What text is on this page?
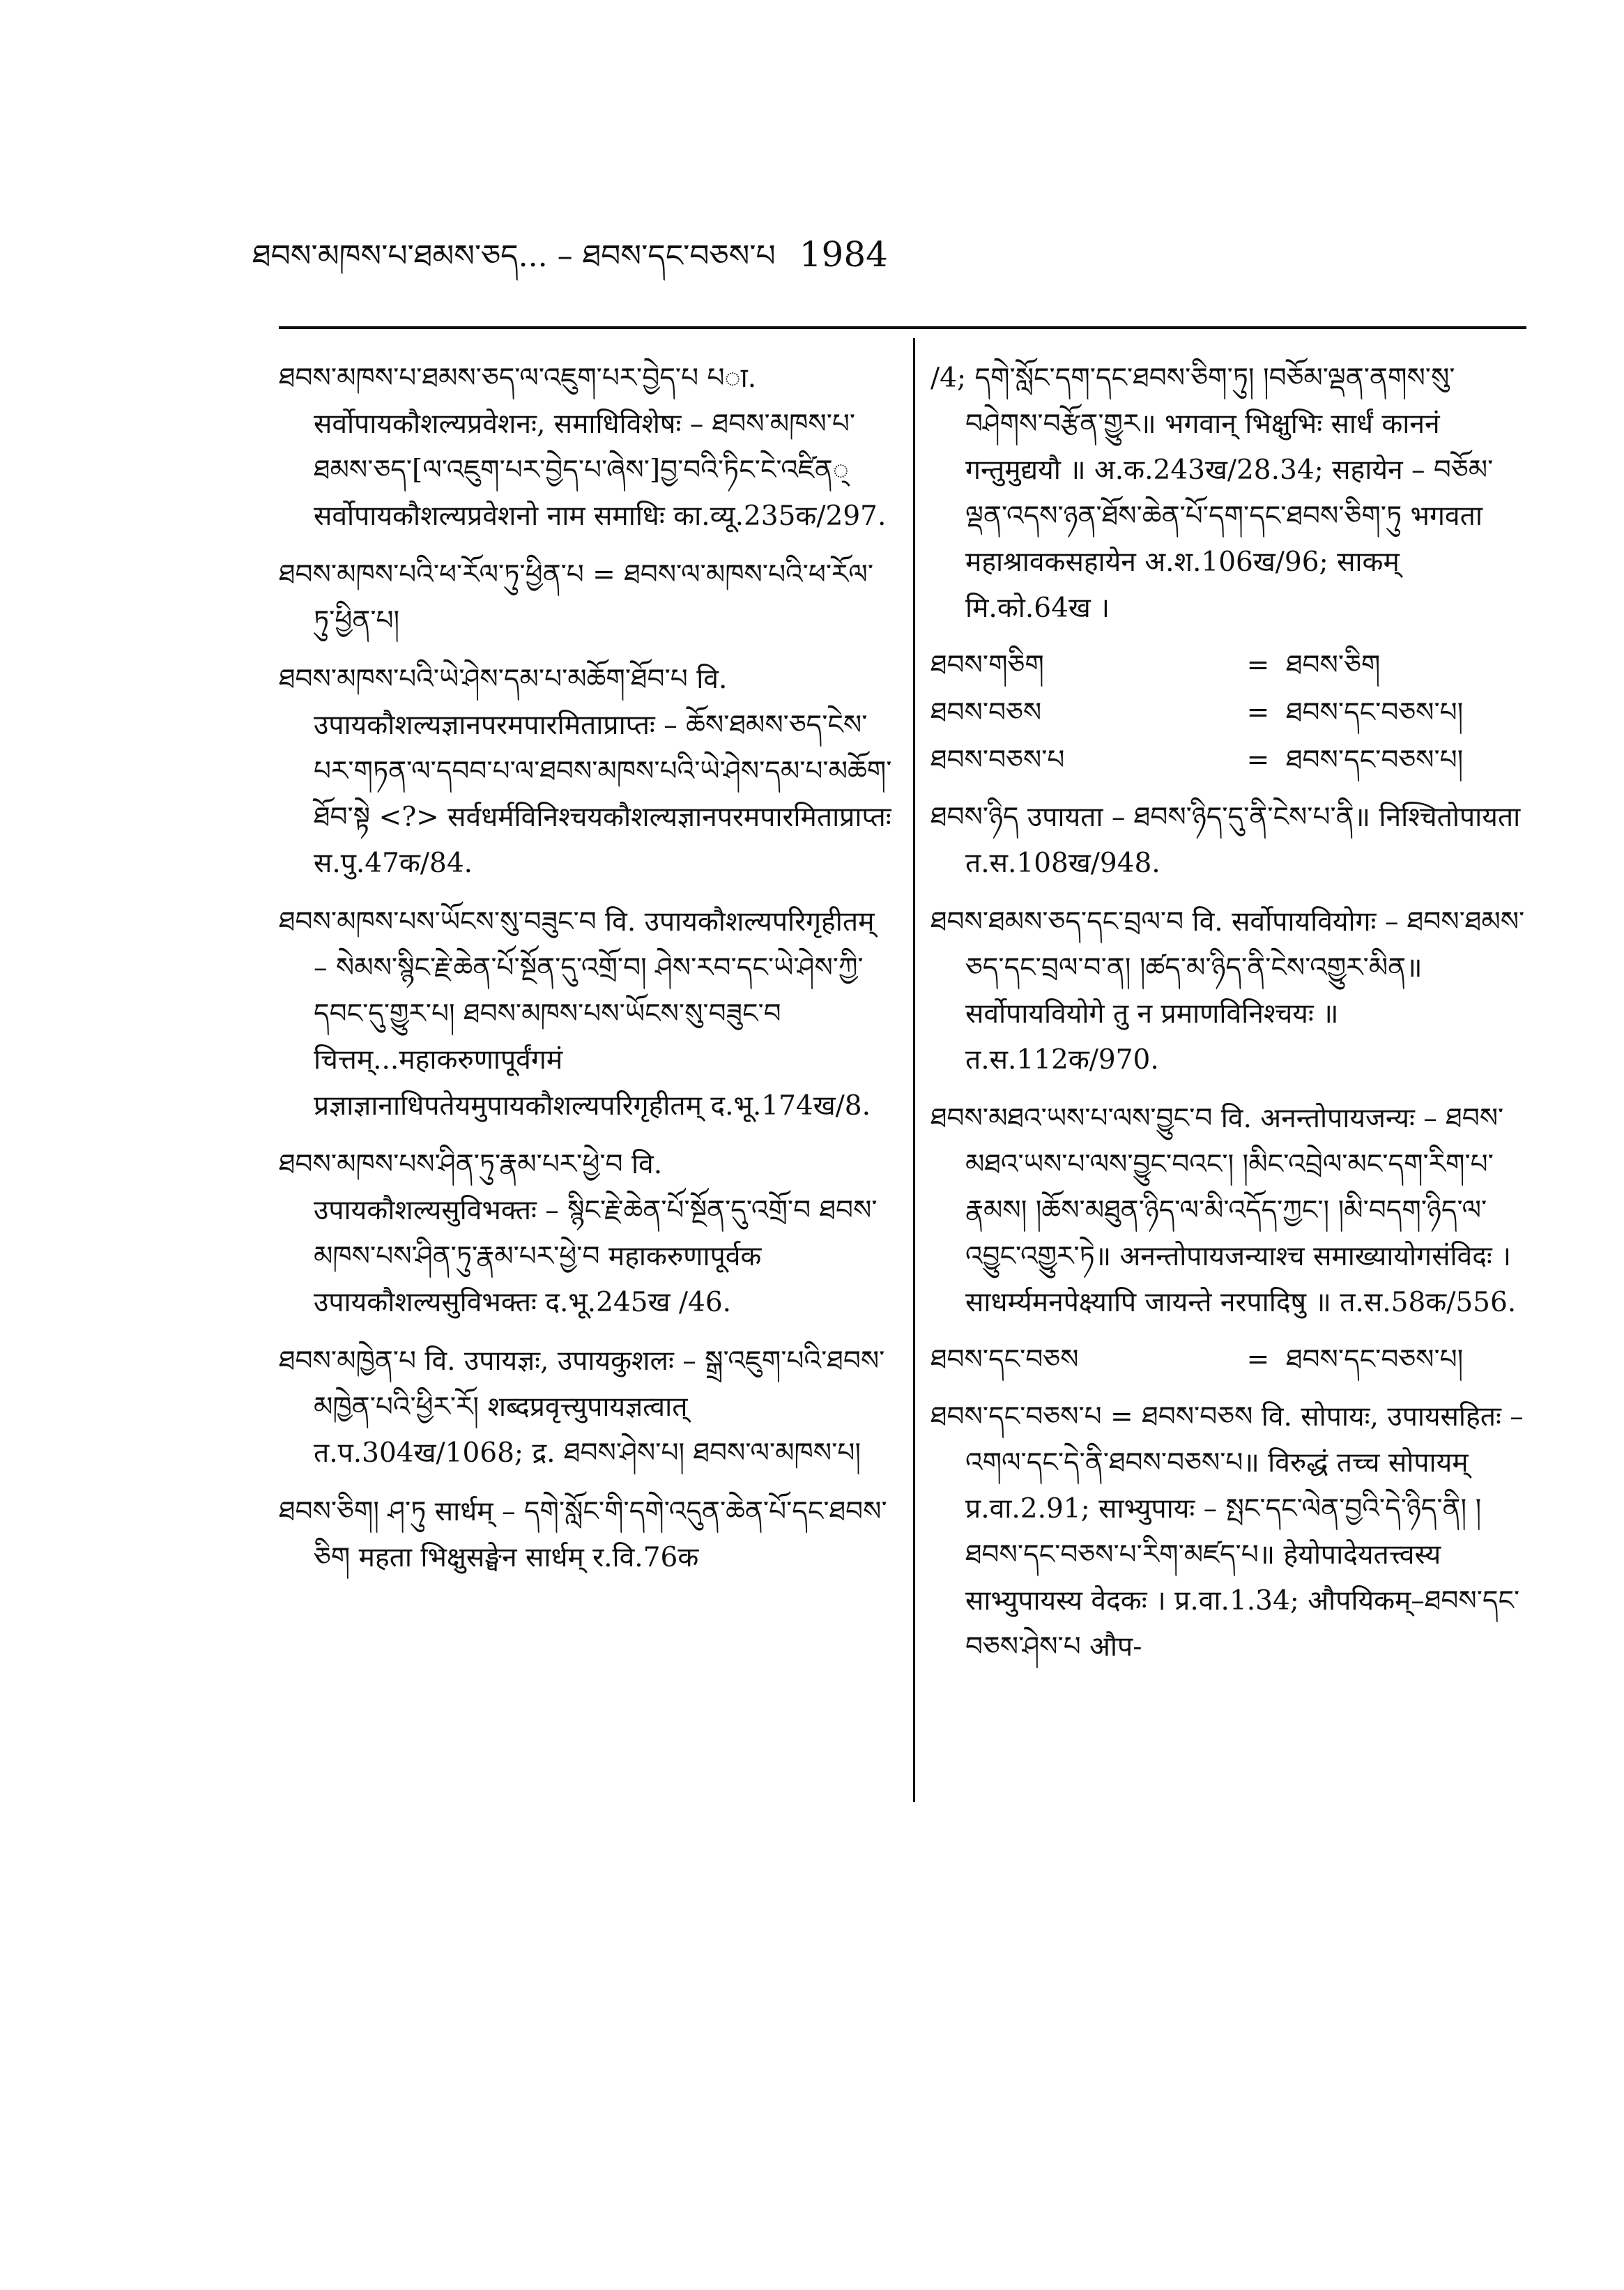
ཐབས་མཁས་པ་ཐམས་ཅད... – ཐབས་དང་བཅས་པ 1984

ཐབས་མཁས་པ་ཐམས་ཅད་ལ་འཇུག་པར་བྱེད་པ པा. सर्वोपायकौशल्यप्रवेशनः, समाधिविशेषः – ཐབས་མཁས་པ་ཐམས་ཅད་[ལ་འཇུག་པར་བྱེད་པ་ཞེས་]བྱ་བའི་ཏིང་ངེ་འཛིན् सर्वोपायकौशल्यप्रवेशनो नाम समाधिः का.व्यू.235क/297.

ཐབས་མཁས་པའི་ཕ་རོལ་ཏུ་ཕྱིན་པ = ཐབས་ལ་མཁས་པའི་ཕ་རོལ་ཏུ་ཕྱིན་པ།

ཐབས་མཁས་པའི་ཡེ་ཤེས་དམ་པ་མཆོག་ཐོབ་པ वि. उपायकौशल्यज्ञानपरमपारमिताप्राप्तः – ཆོས་ཐམས་ཅད་ངེས་པར་གཏན་ལ་དབབ་པ་ལ་ཐབས་མཁས་པའི་ཡེ་ཤེས་དམ་པ་མཆོག་ཐོབ་སྟེ <?> सर्वधर्मविनिश्चयकौशल्यज्ञानपरमपारमिताप्राप्तः स.पु.47क/84.

ཐབས་མཁས་པས་ཡོངས་སུ་བཟུང་བ वि. उपायकौशल्यपरिगृहीतम् – སེམས་སྙིང་རྗེ་ཆེན་པོ་སྔོན་དུ་འགྲོ་བ། ཤེས་རབ་དང་ཡེ་ཤེས་ཀྱི་དབང་དུ་གྱུར་པ། ཐབས་མཁས་པས་ཡོངས་སུ་བཟུང་བ चित्तम्...महाकरुणापूर्वंगमं प्रज्ञाज्ञानाधिपतेयमुपायकौशल्यपरिगृहीतम् द.भू.174ख/8.

ཐབས་མཁས་པས་ཤིན་ཏུ་རྣམ་པར་ཕྱེ་བ वि. उपायकौशल्यसुविभक्तः – སྙིང་རྗེ་ཆེན་པོ་སྔོན་དུ་འགྲོ་བ ཐབས་མཁས་པས་ཤིན་ཏུ་རྣམ་པར་ཕྱེ་བ महाकरुणापूर्वक उपायकौशल्यसुविभक्तः द.भू.245ख /46.

ཐབས་མཁྱེན་པ वि. उपायज्ञः, उपायकुशलः – སྒྲ་འཇུག་པའི་ཐབས་མཁྱེན་པའི་ཕྱིར་རོ། शब्दप्रवृत्त्युपायज्ञत्वात् त.प.304ख/1068; द्र. ཐབས་ཤེས་པ། ཐབས་ལ་མཁས་པ།

ཐབས་ཅིག། ཤ་ཏུ सार्धम् – དགེ་སློང་གི་དགེ་འདུན་ཆེན་པོ་དང་ཐབས་ཅིག महता भिक्षुसङ्घेन सार्धम् र.वि.76क

/4; དགེ་སློང་དག་དང་ཐབས་ཅིག་ཏུ། །བཅོམ་ལྡན་ནགས་སུ་བཤེགས་བརྩོན་གྱུར॥ भगवान् भिक्षुभिः सार्धं काननं गन्तुमुद्ययौ ॥ अ.क.243ख/28.34; सहायेन – བཅོམ་ལྡན་འདས་ཉན་ཐོས་ཆེན་པོ་དག་དང་ཐབས་ཅིག་ཏུ भगवता महाश्रावकसहायेन अ.श.106ख/96; साकम् मि.को.64ख ।

ཐབས་གཅིག	= ཐབས་ཅིག
ཐབས་བཅས	= ཐབས་དང་བཅས་པ།
ཐབས་བཅས་པ	= ཐབས་དང་བཅས་པ།

ཐབས་ཉིད उपायता – ཐབས་ཉིད་དུ་ནི་ངེས་པ་ནི॥ निश्चितोपायता त.स.108ख/948.

ཐབས་ཐམས་ཅད་དང་བྲལ་བ वि. सर्वोपायवियोगः – ཐབས་ཐམས་ཅད་དང་བྲལ་བ་ན། །ཚད་མ་ཉིད་ནི་ངེས་འགྱུར་མིན॥ सर्वोपायवियोगे तु न प्रमाणविनिश्चयः ॥ त.स.112क/970.

ཐབས་མཐའ་ཡས་པ་ལས་བྱུང་བ वि. अनन्तोपायजन्यः – ཐབས་མཐའ་ཡས་པ་ལས་བྱུང་བའང་། །མིང་འབྲེལ་མང་དག་རིག་པ་རྣམས། །ཆོས་མཐུན་ཉིད་ལ་མི་འདོད་ཀྱང་། །མི་བདག་ཉིད་ལ་འབྱུང་འགྱུར་ཏེ॥ अनन्तोपायजन्याश्च समाख्यायोगसंविदः । साधर्म्यमनपेक्ष्यापि जायन्ते नरपादिषु ॥ त.स.58क/556.

ཐབས་དང་བཅས	= ཐབས་དང་བཅས་པ།

ཐབས་དང་བཅས་པ = ཐབས་བཅས वि. सोपायः, उपायसहितः – འགལ་དང་དེ་ནི་ཐབས་བཅས་པ॥ विरुद्धं तच्च सोपायम् प्र.वा.2.91; साभ्युपायः – སྤང་དང་ལེན་བྱའི་དེ་ཉིད་ནི། །ཐབས་དང་བཅས་པ་རིག་མཛད་པ॥ हेयोपादेयतत्त्वस्य साभ्युपायस्य वेदकः । प्र.वा.1.34; औपयिकम्–ཐབས་དང་བཅས་ཤེས་པ औप-
